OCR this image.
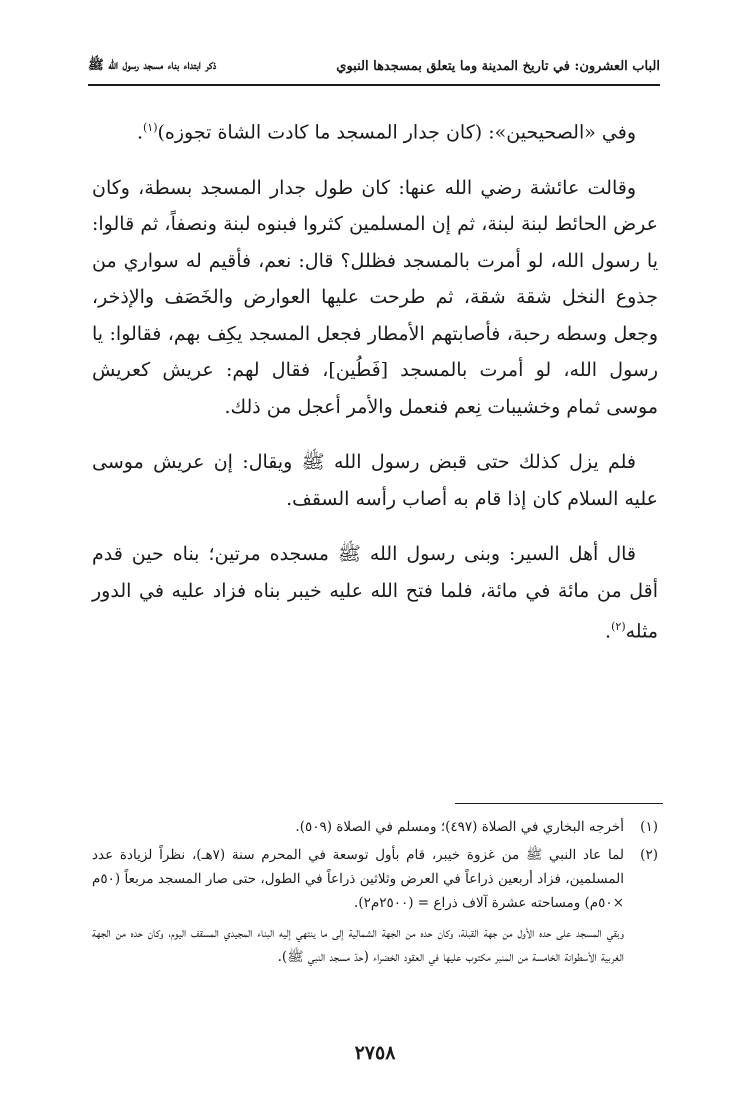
الباب العشرون: في تاريخ المدينة وما يتعلق بمسجدها النبوي
ذكر ابتداء بناء مسجد رسول الله ﷺ

وفي «الصحيحين»: (كان جدار المسجد ما كادت الشاة تجوزه)$^{(١)}$.

وقالت عائشة رضي الله عنها: كان طول جدار المسجد بسطة، وكان عرض الحائط لبنة لبنة، ثم إن المسلمين كثروا فبنوه لبنة ونصفاً، ثم قالوا: يا رسول الله، لو أمرت بالمسجد فظلل؟ قال: نعم، فأقيم له سواري من جذوع النخل شقة شقة، ثم طرحت عليها العوارض والخَصَف والإذخر، وجعل وسطه رحبة، فأصابتهم الأمطار فجعل المسجد يكِف بهم، فقالوا: يا رسول الله، لو أمرت بالمسجد [فَطُين]، فقال لهم: عريش كعريش موسى ثمام وخشيبات نِعم فنعمل والأمر أعجل من ذلك.

فلم يزل كذلك حتى قبض رسول الله ﷺ ويقال: إن عريش موسى عليه السلام كان إذا قام به أصاب رأسه السقف.

قال أهل السير: وبنى رسول الله ﷺ مسجده مرتين؛ بناه حين قدم أقل من مائة في مائة، فلما فتح الله عليه خيبر بناه فزاد عليه في الدور مثله$^{(٢)}$.

(١)
أخرجه البخاري في الصلاة (٤٩٧)؛ ومسلم في الصلاة (٥٠٩).
(٢)
لما عاد النبي ﷺ من غزوة خيبر، قام بأول توسعة في المحرم سنة (٧هـ)، نظراً لزيادة عدد المسلمين، فزاد أربعين ذراعاً في العرض وثلاثين ذراعاً في الطول، حتى صار المسجد مربعاً (٥٠م ×٥٠م) ومساحته عشرة آلاف ذراع = (٢٥٠٠م٢).
وبقي المسجد على حده الأول من جهة القبلة، وكان حده من الجهة الشمالية إلى ما ينتهي إليه البناء المجيدي المسقف اليوم، وكان حده من الجهة الغربية الأسطوانة الخامسة من المنبر مكتوب عليها في العقود الخضراء (حدّ مسجد النبي ﷺ).
٢٧٥٨
